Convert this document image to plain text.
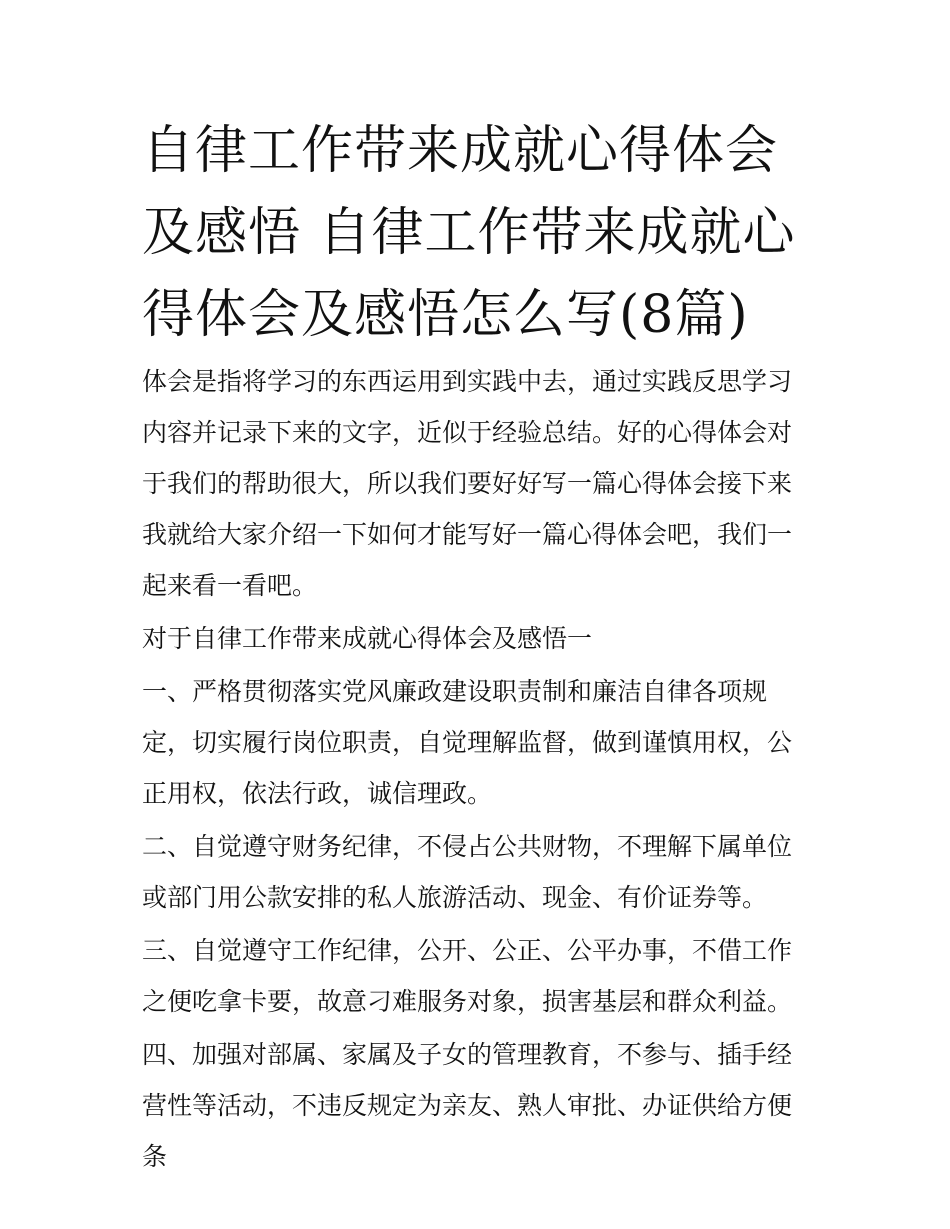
自律工作带来成就心得体会及感悟 自律工作带来成就心得体会及感悟怎么写(8篇)

体会是指将学习的东西运用到实践中去，通过实践反思学习内容并记录下来的文字，近似于经验总结。好的心得体会对于我们的帮助很大，所以我们要好好写一篇心得体会接下来我就给大家介绍一下如何才能写好一篇心得体会吧，我们一起来看一看吧。

对于自律工作带来成就心得体会及感悟一

一、严格贯彻落实党风廉政建设职责制和廉洁自律各项规定，切实履行岗位职责，自觉理解监督，做到谨慎用权，公正用权，依法行政，诚信理政。

二、自觉遵守财务纪律，不侵占公共财物，不理解下属单位或部门用公款安排的私人旅游活动、现金、有价证券等。

三、自觉遵守工作纪律，公开、公正、公平办事，不借工作之便吃拿卡要，故意刁难服务对象，损害基层和群众利益。

四、加强对部属、家属及子女的管理教育，不参与、插手经营性等活动，不违反规定为亲友、熟人审批、办证供给方便条
